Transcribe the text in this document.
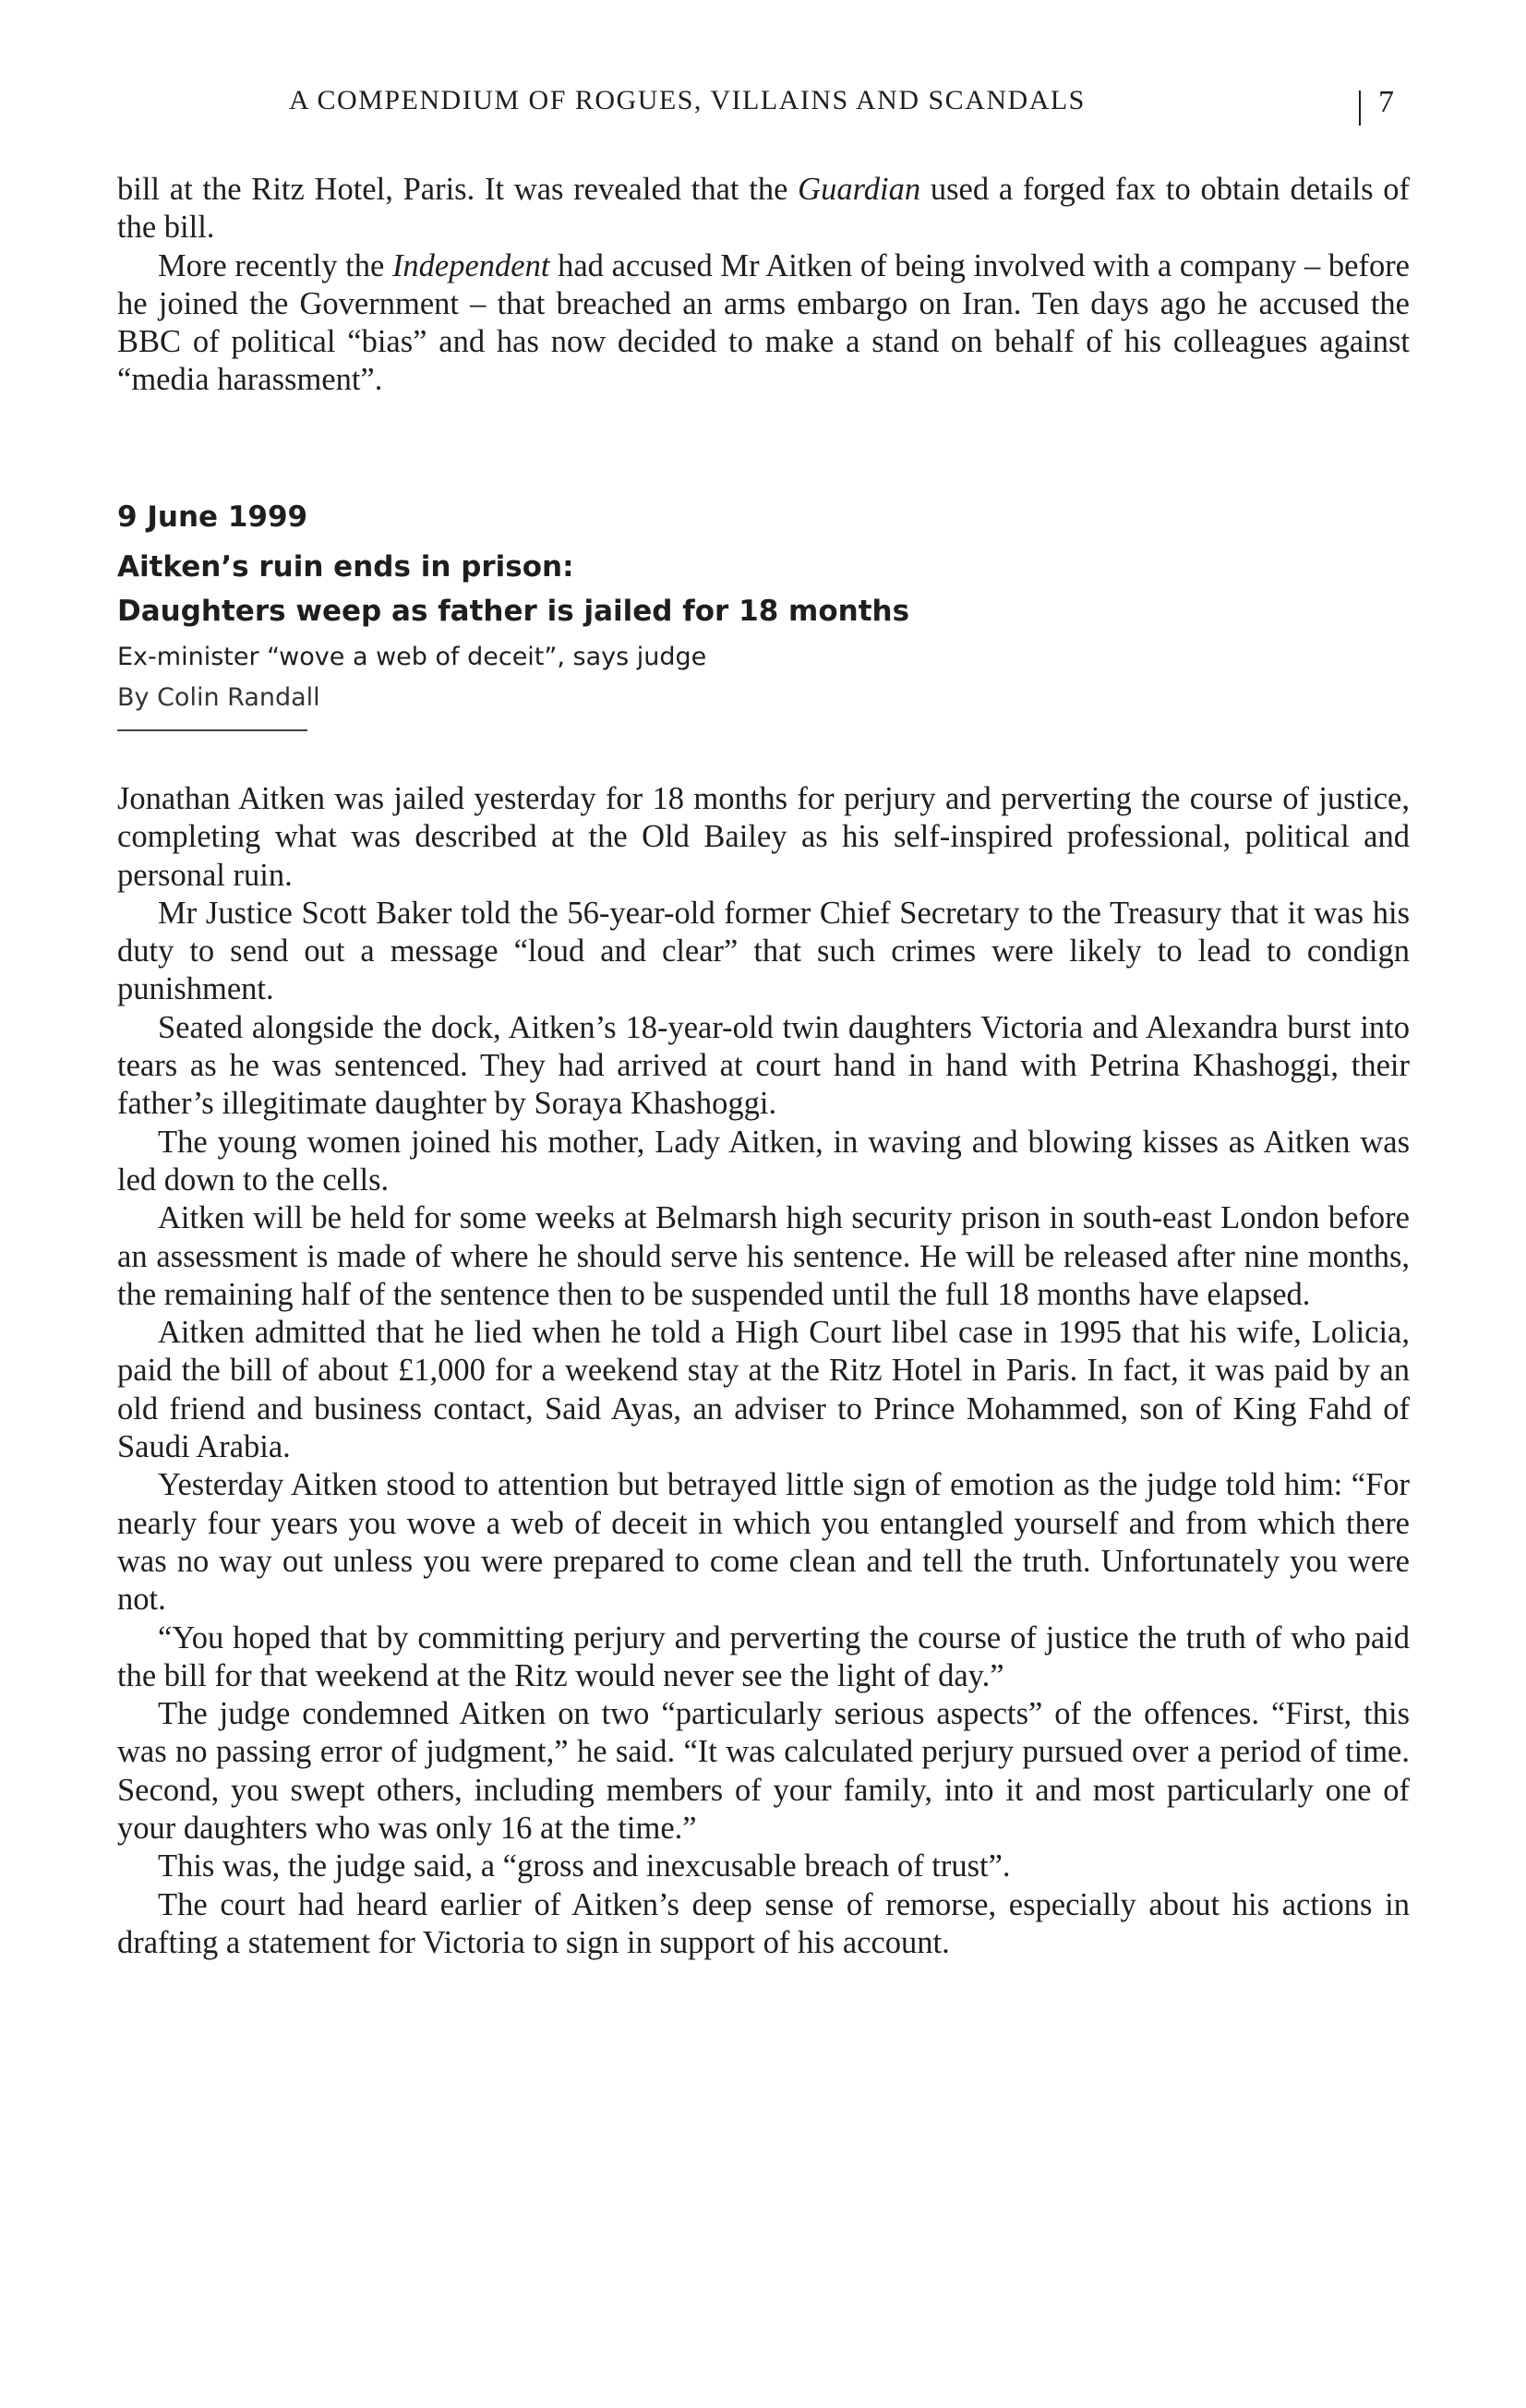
A COMPENDIUM OF ROGUES, VILLAINS AND SCANDALS	7

bill at the Ritz Hotel, Paris. It was revealed that the Guardian used a forged fax to obtain details of the bill.

More recently the Independent had accused Mr Aitken of being involved with a company – before he joined the Government – that breached an arms embargo on Iran. Ten days ago he accused the BBC of political “bias” and has now decided to make a stand on behalf of his colleagues against “media harassment”.

9 June 1999

Aitken’s ruin ends in prison:

Daughters weep as father is jailed for 18 months

Ex-minister “wove a web of deceit”, says judge

By Colin Randall

Jonathan Aitken was jailed yesterday for 18 months for perjury and perverting the course of justice, completing what was described at the Old Bailey as his self-inspired professional, political and personal ruin.

Mr Justice Scott Baker told the 56-year-old former Chief Secretary to the Treasury that it was his duty to send out a message “loud and clear” that such crimes were likely to lead to condign punishment.

Seated alongside the dock, Aitken’s 18-year-old twin daughters Victoria and Alexandra burst into tears as he was sentenced. They had arrived at court hand in hand with Petrina Khashoggi, their father’s illegitimate daughter by Soraya Khashoggi.

The young women joined his mother, Lady Aitken, in waving and blowing kisses as Aitken was led down to the cells.

Aitken will be held for some weeks at Belmarsh high security prison in south-east London before an assessment is made of where he should serve his sentence. He will be released after nine months, the remaining half of the sentence then to be suspended until the full 18 months have elapsed.

Aitken admitted that he lied when he told a High Court libel case in 1995 that his wife, Lolicia, paid the bill of about £1,000 for a weekend stay at the Ritz Hotel in Paris. In fact, it was paid by an old friend and business contact, Said Ayas, an adviser to Prince Mohammed, son of King Fahd of Saudi Arabia.

Yesterday Aitken stood to attention but betrayed little sign of emotion as the judge told him: “For nearly four years you wove a web of deceit in which you entangled yourself and from which there was no way out unless you were prepared to come clean and tell the truth. Unfortunately you were not.

“You hoped that by committing perjury and perverting the course of justice the truth of who paid the bill for that weekend at the Ritz would never see the light of day.”

The judge condemned Aitken on two “particularly serious aspects” of the offences. “First, this was no passing error of judgment,” he said. “It was calculated perjury pursued over a period of time. Second, you swept others, including members of your family, into it and most particularly one of your daughters who was only 16 at the time.”

This was, the judge said, a “gross and inexcusable breach of trust”.

The court had heard earlier of Aitken’s deep sense of remorse, especially about his actions in drafting a statement for Victoria to sign in support of his account.
